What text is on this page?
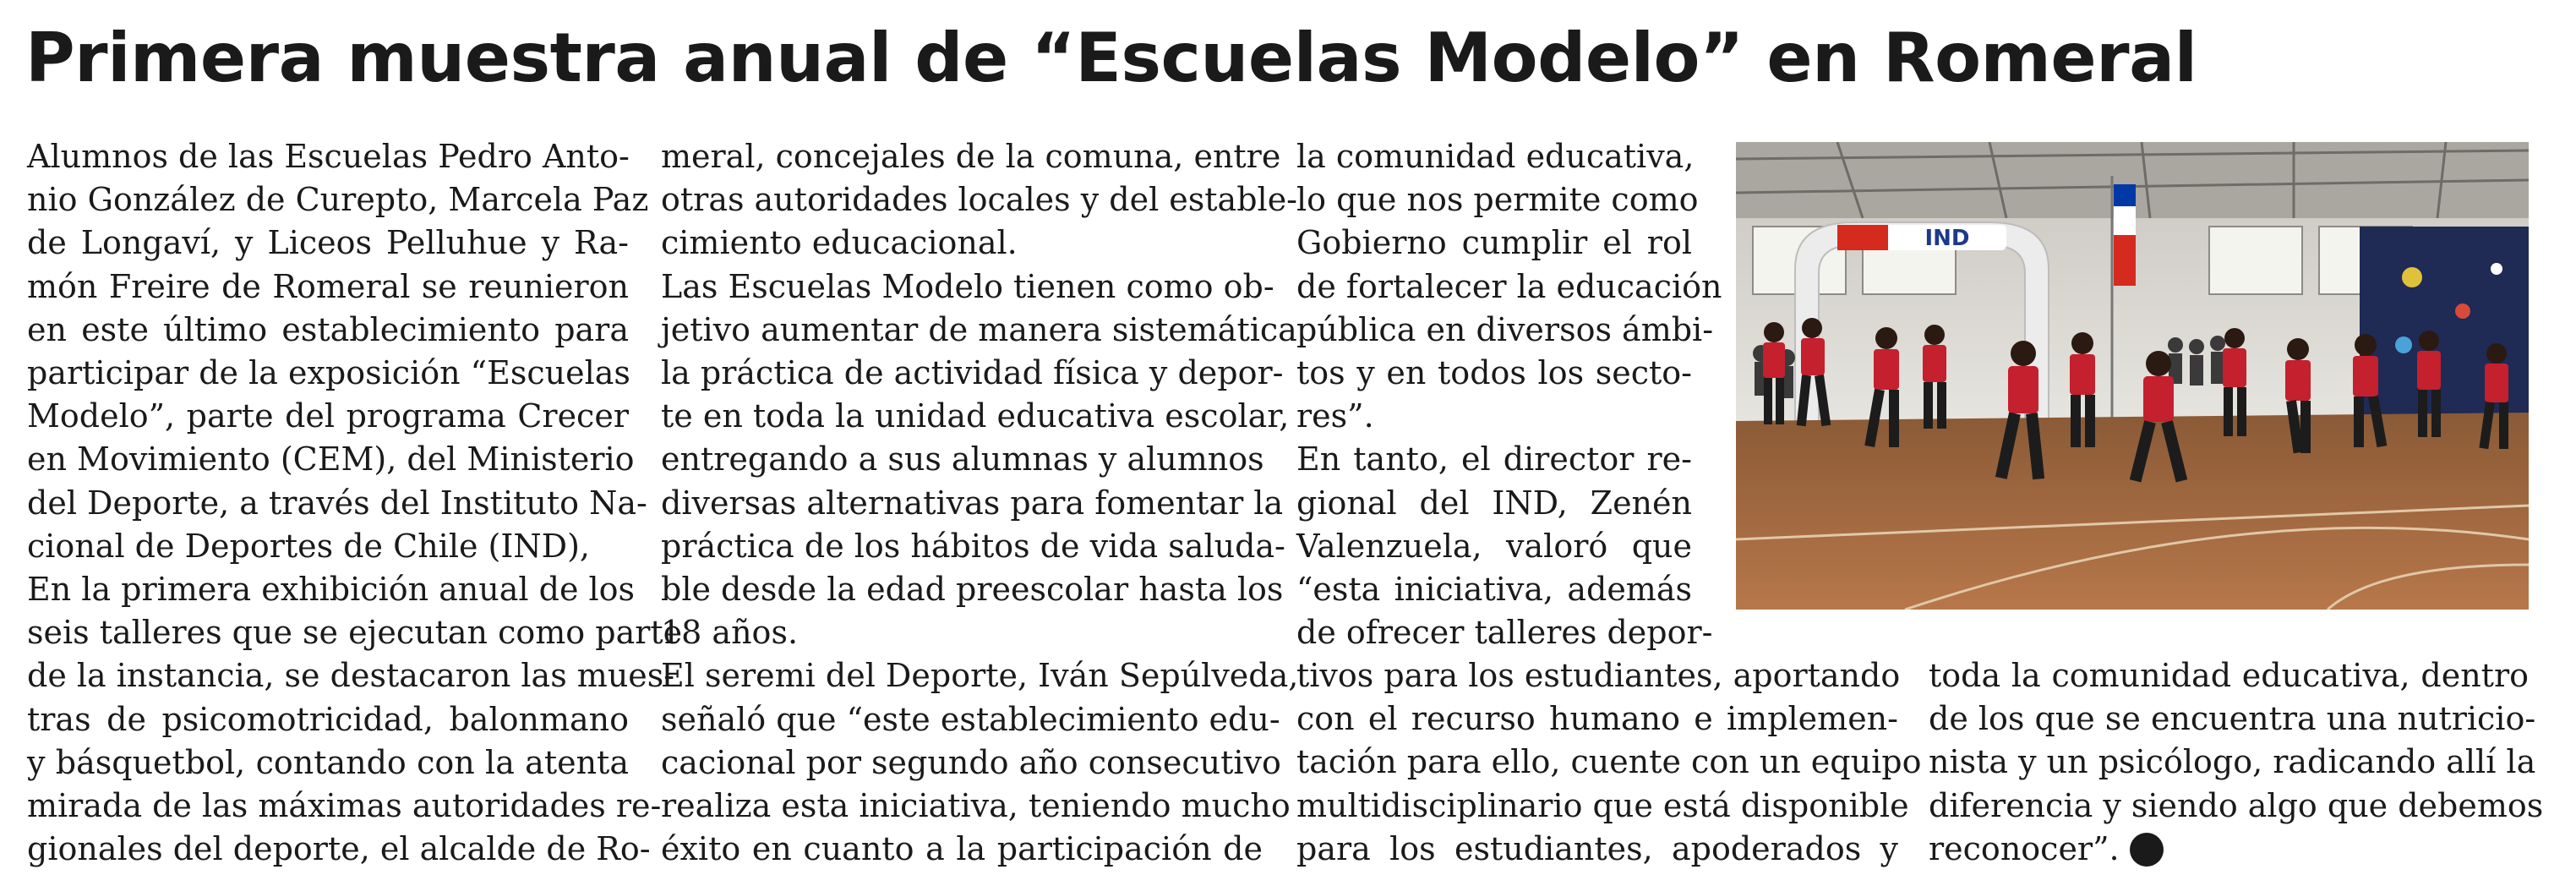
Primera muestra anual de “Escuelas Modelo” en Romeral

Alumnos de las Escuelas Pedro Anto-
nio González de Curepto, Marcela Paz
de Longaví, y Liceos Pelluhue y Ra-
món Freire de Romeral se reunieron
en este último establecimiento para
participar de la exposición “Escuelas
Modelo”, parte del programa Crecer
en Movimiento (CEM), del Ministerio
del Deporte, a través del Instituto Na-
cional de Deportes de Chile (IND),

En la primera exhibición anual de los
seis talleres que se ejecutan como parte
de la instancia, se destacaron las mues-
tras de psicomotricidad, balonmano
y básquetbol, contando con la atenta
mirada de las máximas autoridades re-
gionales del deporte, el alcalde de Ro-

meral, concejales de la comuna, entre
otras autoridades locales y del estable-
cimiento educacional.

Las Escuelas Modelo tienen como ob-
jetivo aumentar de manera sistemática
la práctica de actividad física y depor-
te en toda la unidad educativa escolar,
entregando a sus alumnas y alumnos
diversas alternativas para fomentar la
práctica de los hábitos de vida saluda-
ble desde la edad preescolar hasta los
18 años.

El seremi del Deporte, Iván Sepúlveda,
señaló que “este establecimiento edu-
cacional por segundo año consecutivo
realiza esta iniciativa, teniendo mucho
éxito en cuanto a la participación de

la comunidad educativa,
lo que nos permite como
Gobierno cumplir el rol
de fortalecer la educación
pública en diversos ámbi-
tos y en todos los secto-
res”.

En tanto, el director re-
gional del IND, Zenén
Valenzuela, valoró que
“esta iniciativa, además
de ofrecer talleres depor-

tivos para los estudiantes, aportando
con el recurso humano e implemen-
tación para ello, cuente con un equipo
multidisciplinario que está disponible
para los estudiantes, apoderados y

toda la comunidad educativa, dentro
de los que se encuentra una nutricio-
nista y un psicólogo, radicando allí la
diferencia y siendo algo que debemos
reconocer”.

IND
